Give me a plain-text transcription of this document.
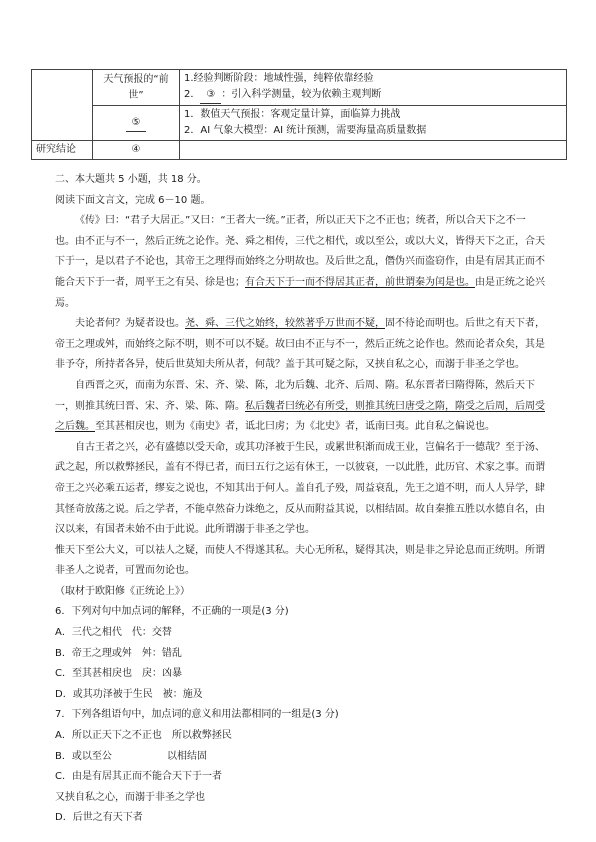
	天气预报的“前世”	1.经验判断阶段：地域性强，纯粹依靠经验
2． ③ ：引入科学测量，较为依赖主观判断

	⑤	1．数值天气预报：客观定量计算，面临算力挑战
2．AI 气象大模型：AI 统计预测，需要海量高质量数据

研究结论	④	

二、本大题共 5 小题，共 18 分。

阅读下面文言文，完成 6－10 题。

《传》曰：“君子大居正。”又曰：“王者大一统。”正者，所以正天下之不正也；统者，所以合天下之不一也。由不正与不一，然后正统之论作。尧、舜之相传，三代之相代，或以至公，或以大义，皆得天下之正，合天下于一，是以君子不论也，其帝王之理得而始终之分明故也。及后世之乱，僭伪兴而盗窃作，由是有居其正而不能合天下于一者，周平王之有吴、徐是也；有合天下于一而不得居其正者，前世谓秦为闰是也。由是正统之论兴焉。

夫论者何？为疑者设也。尧、舜、三代之始终，较然著乎万世而不疑，固不待论而明也。后世之有天下者，帝王之理或舛，而始终之际不明，则不可以不疑。故曰由不正与不一，然后正统之论作也。然而论者众矣，其是非予夺，所持者各异，使后世莫知夫所从者，何哉？盖于其可疑之际，又挟自私之心，而溺于非圣之学也。

自西晋之灭，而南为东晋、宋、齐、梁、陈，北为后魏、北齐、后周、隋。私东晋者曰隋得陈，然后天下一，则推其统曰晋、宋、齐、梁、陈、隋。私后魏者曰统必有所受，则推其统曰唐受之隋，隋受之后周，后周受之后魏。至其甚相戾也，则为《南史》者，诋北曰虏；为《北史》者，诋南曰夷。此自私之偏说也。

自古王者之兴，必有盛德以受天命，或其功泽被于生民，或累世积渐而成王业，岂偏名于一德哉？至于汤、武之起，所以救弊拯民，盖有不得已者，而曰五行之运有休王，一以彼衰，一以此胜，此历官、术家之事。而谓帝王之兴必乘五运者，缪妄之说也，不知其出于何人。盖自孔子殁，周益衰乱，先王之道不明，而人人异学，肆其怪奇放荡之说。后之学者，不能卓然奋力诛绝之，反从而附益其说，以相结固。故自秦推五胜以水德自名，由汉以来，有国者未始不由于此说。此所谓溺于非圣之学也。

惟天下至公大义，可以祛人之疑，而使人不得遂其私。夫心无所私，疑得其决，则是非之异论息而正统明。所谓非圣人之说者，可置而勿论也。

（取材于欧阳修《正统论上》）

6．下列对句中加点词的解释，不正确的一项是(3 分)

A．三代之相代　代：交替

B．帝王之理或舛　舛：错乱

C．至其甚相戾也　戾：凶暴

D．或其功泽被于生民　被：施及

7．下列各组语句中，加点词的意义和用法都相同的一组是(3 分)

A．所以正天下之不正也　所以救弊拯民

B．或以至公	以相结固

C．由是有居其正而不能合天下于一者

又挟自私之心，而溺于非圣之学也

D．后世之有天下者
